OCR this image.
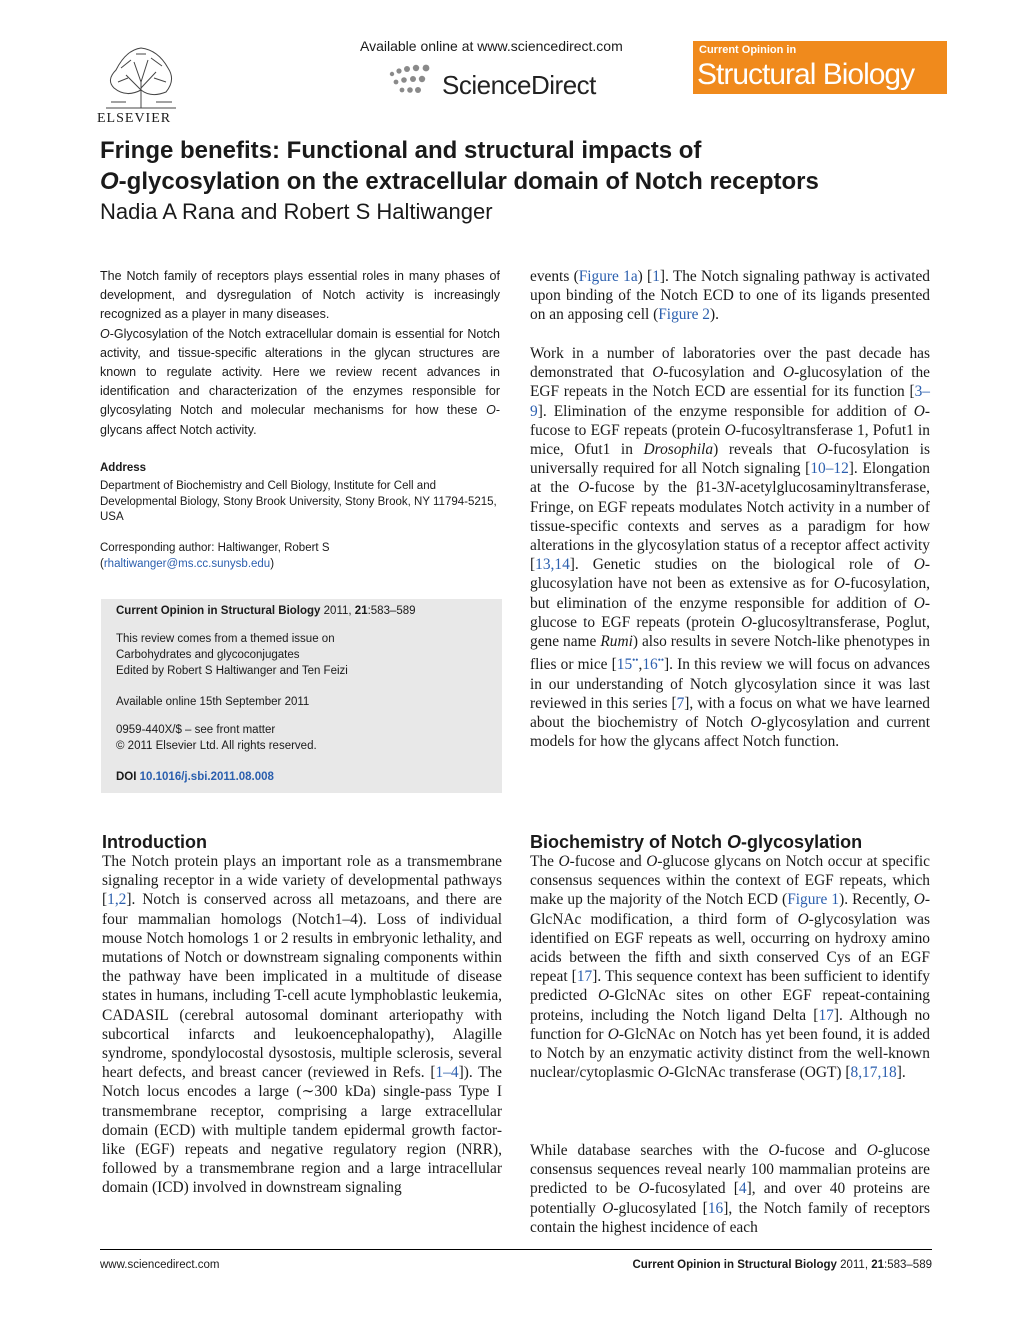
ELSEVIER
Available online at www.sciencedirect.com
ScienceDirect
Current Opinion in
Structural Biology
Fringe benefits: Functional and structural impacts of
O-glycosylation on the extracellular domain of Notch receptors
Nadia A Rana and Robert S Haltiwanger
The Notch family of receptors plays essential roles in many phases of development, and dysregulation of Notch activity is increasingly recognized as a player in many diseases.
O-Glycosylation of the Notch extracellular domain is essential for Notch activity, and tissue-specific alterations in the glycan structures are known to regulate activity. Here we review recent advances in identification and characterization of the enzymes responsible for glycosylating Notch and molecular mechanisms for how these O-glycans affect Notch activity.
Address
Department of Biochemistry and Cell Biology, Institute for Cell and Developmental Biology, Stony Brook University, Stony Brook, NY 11794-5215, USA
Corresponding author: Haltiwanger, Robert S
(rhaltiwanger@ms.cc.sunysb.edu)
Current Opinion in Structural Biology 2011, 21:583–589
This review comes from a themed issue on
Carbohydrates and glycoconjugates
Edited by Robert S Haltiwanger and Ten Feizi
Available online 15th September 2011
0959-440X/$ – see front matter
© 2011 Elsevier Ltd. All rights reserved.
DOI 10.1016/j.sbi.2011.08.008
Introduction
The Notch protein plays an important role as a transmembrane signaling receptor in a wide variety of developmental pathways [1,2]. Notch is conserved across all metazoans, and there are four mammalian homologs (Notch1–4). Loss of individual mouse Notch homologs 1 or 2 results in embryonic lethality, and mutations of Notch or downstream signaling components within the pathway have been implicated in a multitude of disease states in humans, including T-cell acute lymphoblastic leukemia, CADASIL (cerebral autosomal dominant arteriopathy with subcortical infarcts and leukoencephalopathy), Alagille syndrome, spondylocostal dysostosis, multiple sclerosis, several heart defects, and breast cancer (reviewed in Refs. [1–4]). The Notch locus encodes a large (∼300 kDa) single-pass Type I transmembrane receptor, comprising a large extracellular domain (ECD) with multiple tandem epidermal growth factor-like (EGF) repeats and negative regulatory region (NRR), followed by a transmembrane region and a large intracellular domain (ICD) involved in downstream signaling
events (Figure 1a) [1]. The Notch signaling pathway is activated upon binding of the Notch ECD to one of its ligands presented on an apposing cell (Figure 2).
Work in a number of laboratories over the past decade has demonstrated that O-fucosylation and O-glucosylation of the EGF repeats in the Notch ECD are essential for its function [3–9]. Elimination of the enzyme responsible for addition of O-fucose to EGF repeats (protein O-fucosyltransferase 1, Pofut1 in mice, Ofut1 in Drosophila) reveals that O-fucosylation is universally required for all Notch signaling [10–12]. Elongation at the O-fucose by the β1-3N-acetylglucosaminyltransferase, Fringe, on EGF repeats modulates Notch activity in a number of tissue-specific contexts and serves as a paradigm for how alterations in the glycosylation status of a receptor affect activity [13,14]. Genetic studies on the biological role of O-glucosylation have not been as extensive as for O-fucosylation, but elimination of the enzyme responsible for addition of O-glucose to EGF repeats (protein O-glucosyltransferase, Poglut, gene name Rumi) also results in severe Notch-like phenotypes in flies or mice [15••,16••]. In this review we will focus on advances in our understanding of Notch glycosylation since it was last reviewed in this series [7], with a focus on what we have learned about the biochemistry of Notch O-glycosylation and current models for how the glycans affect Notch function.
Biochemistry of Notch O-glycosylation
The O-fucose and O-glucose glycans on Notch occur at specific consensus sequences within the context of EGF repeats, which make up the majority of the Notch ECD (Figure 1). Recently, O-GlcNAc modification, a third form of O-glycosylation was identified on EGF repeats as well, occurring on hydroxy amino acids between the fifth and sixth conserved Cys of an EGF repeat [17]. This sequence context has been sufficient to identify predicted O-GlcNAc sites on other EGF repeat-containing proteins, including the Notch ligand Delta [17]. Although no function for O-GlcNAc on Notch has yet been found, it is added to Notch by an enzymatic activity distinct from the well-known nuclear/cytoplasmic O-GlcNAc transferase (OGT) [8,17,18].
While database searches with the O-fucose and O-glucose consensus sequences reveal nearly 100 mammalian proteins are predicted to be O-fucosylated [4], and over 40 proteins are potentially O-glucosylated [16], the Notch family of receptors contain the highest incidence of each
www.sciencedirect.com	Current Opinion in Structural Biology 2011, 21:583–589
